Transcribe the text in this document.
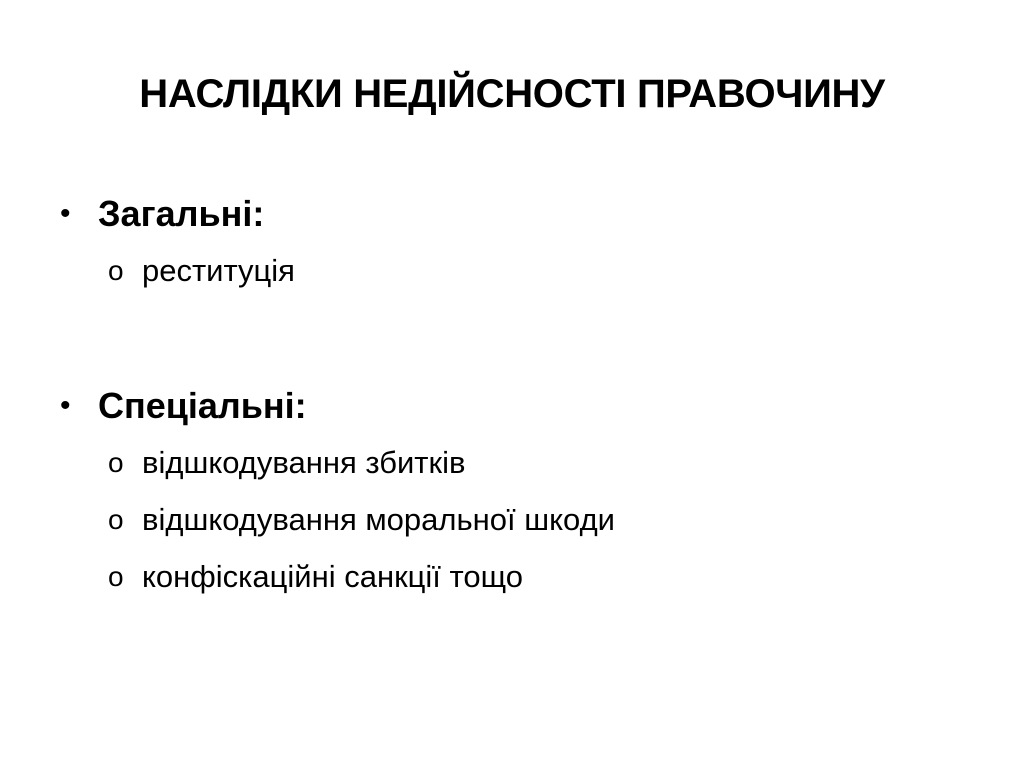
НАСЛІДКИ НЕДІЙСНОСТІ ПРАВОЧИНУ
• Загальні:
o реституція
• Спеціальні:
o відшкодування збитків
o відшкодування моральної шкоди
o конфіскаційні санкції тощо
